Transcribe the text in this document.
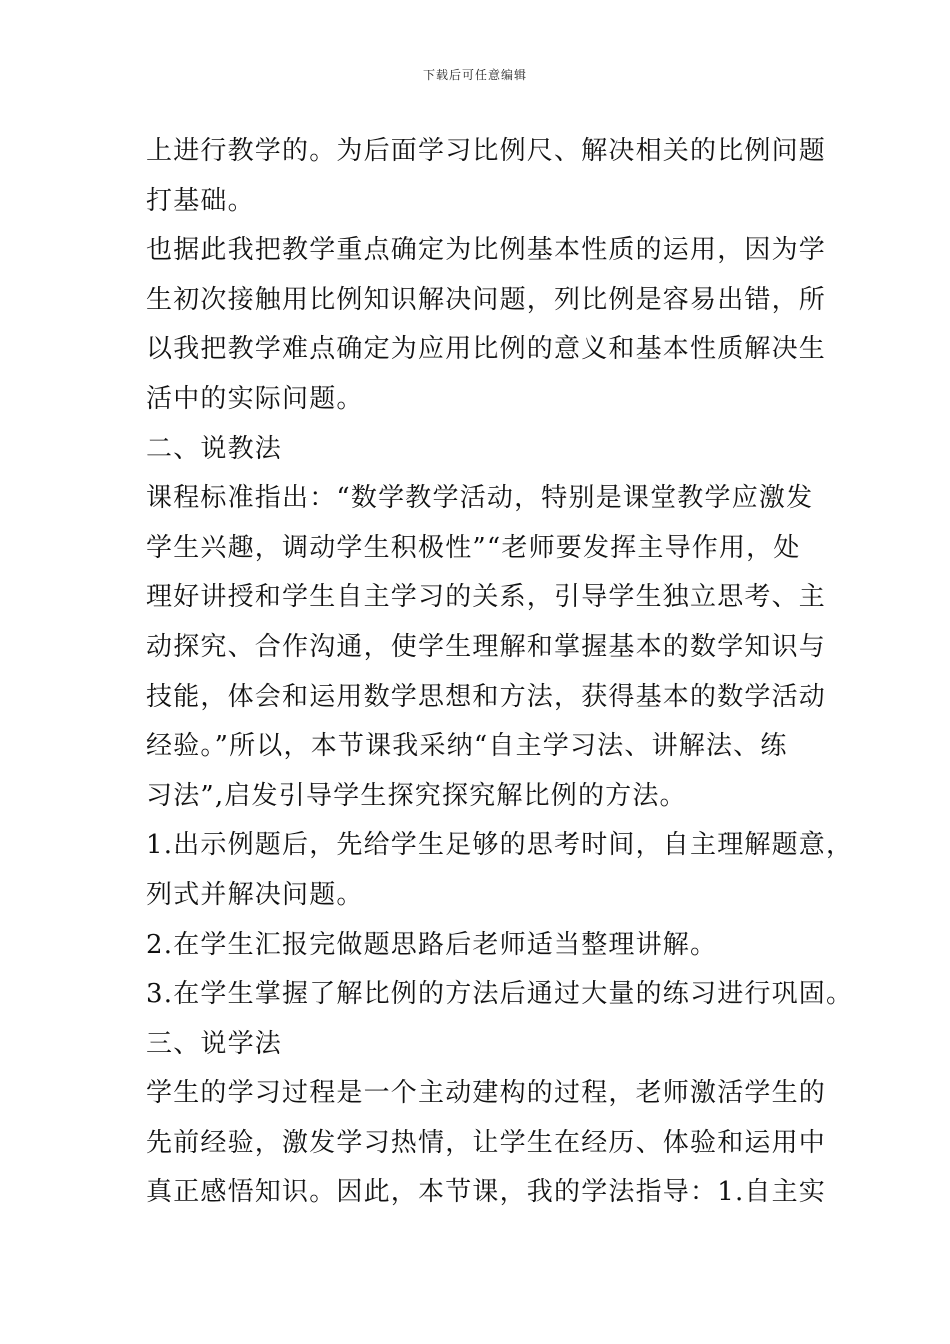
下载后可任意编辑
上进行教学的。为后面学习比例尺、解决相关的比例问题
打基础。
也据此我把教学重点确定为比例基本性质的运用，因为学
生初次接触用比例知识解决问题，列比例是容易出错，所
以我把教学难点确定为应用比例的意义和基本性质解决生
活中的实际问题。
二、说教法
课程标准指出：“数学教学活动，特别是课堂教学应激发
学生兴趣，调动学生积极性”“老师要发挥主导作用，处
理好讲授和学生自主学习的关系，引导学生独立思考、主
动探究、合作沟通，使学生理解和掌握基本的数学知识与
技能，体会和运用数学思想和方法，获得基本的数学活动
经验。”所以，本节课我采纳“自主学习法、讲解法、练
习法”,启发引导学生探究探究解比例的方法。
1.出示例题后，先给学生足够的思考时间，自主理解题意，
列式并解决问题。
2.在学生汇报完做题思路后老师适当整理讲解。
3.在学生掌握了解比例的方法后通过大量的练习进行巩固。
三、说学法
学生的学习过程是一个主动建构的过程，老师激活学生的
先前经验，激发学习热情，让学生在经历、体验和运用中
真正感悟知识。因此，本节课，我的学法指导：1.自主实
